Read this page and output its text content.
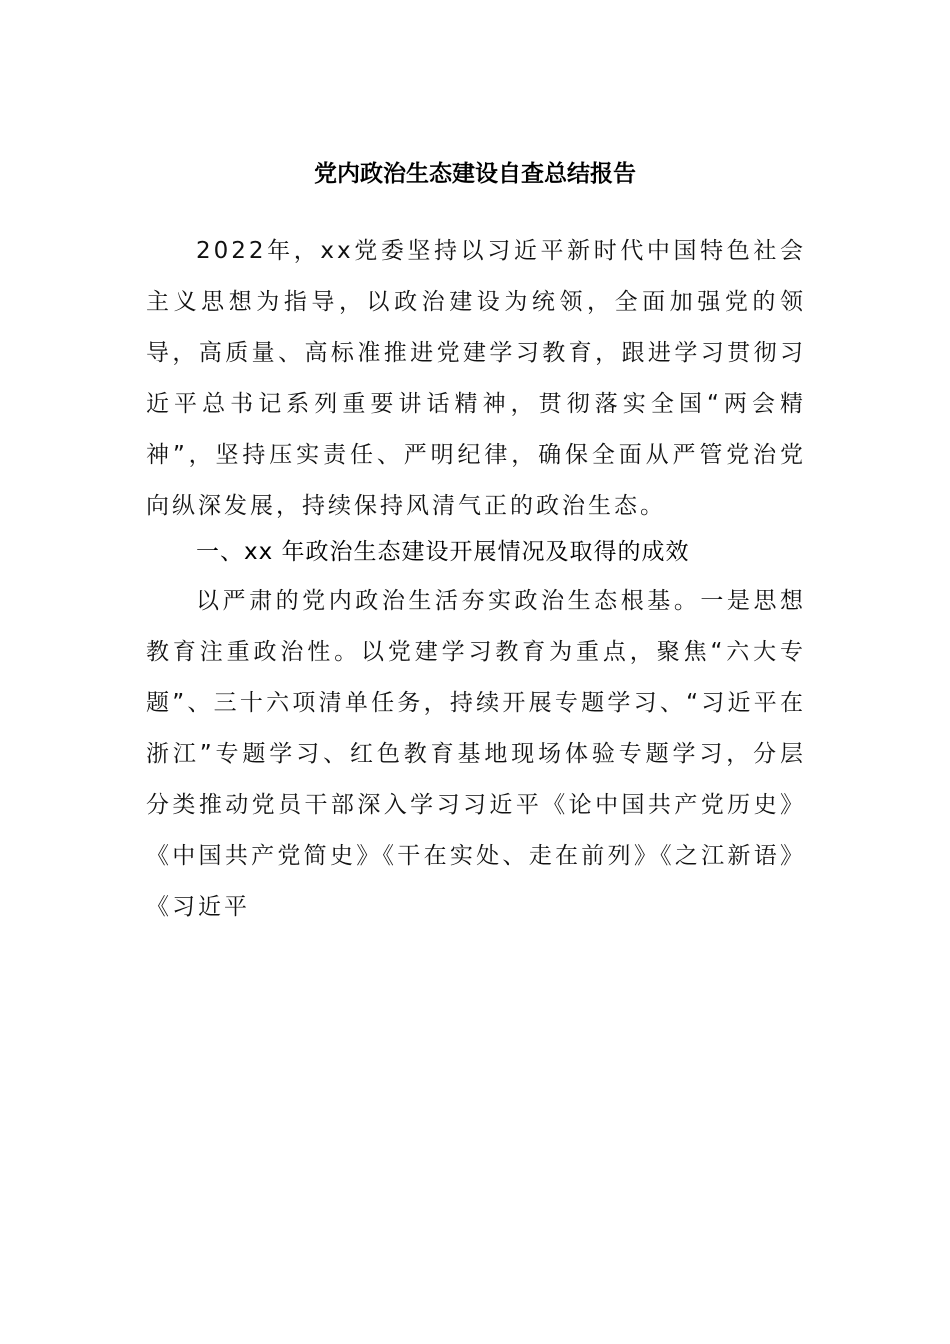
党内政治生态建设自查总结报告

2022年，xx党委坚持以习近平新时代中国特色社会主义思想为指导，以政治建设为统领，全面加强党的领导，高质量、高标准推进党建学习教育，跟进学习贯彻习近平总书记系列重要讲话精神，贯彻落实全国“两会精神”，坚持压实责任、严明纪律，确保全面从严管党治党向纵深发展，持续保持风清气正的政治生态。

一、xx 年政治生态建设开展情况及取得的成效

以严肃的党内政治生活夯实政治生态根基。一是思想教育注重政治性。以党建学习教育为重点，聚焦“六大专题”、三十六项清单任务，持续开展专题学习、“习近平在浙江”专题学习、红色教育基地现场体验专题学习，分层分类推动党员干部深入学习习近平《论中国共产党历史》《中国共产党简史》《干在实处、走在前列》《之江新语》《习近平
